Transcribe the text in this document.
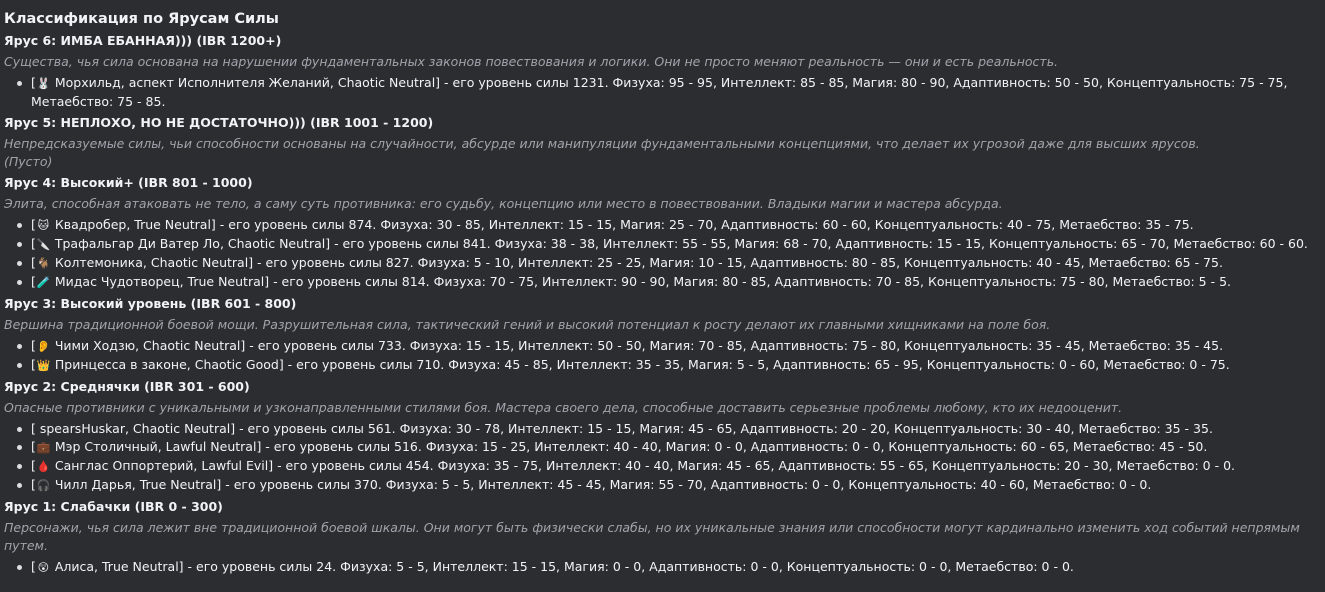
Классификация по Ярусам Силы
Ярус 6: ИМБА ЕБАННАЯ))) (IBR 1200+)
Существа, чья сила основана на нарушении фундаментальных законов повествования и логики. Они не просто меняют реальность — они и есть реальность.
[🐰 Морхильд, аспект Исполнителя Желаний, Chaotic Neutral] - его уровень силы 1231. Физуха: 95 - 95, Интеллект: 85 - 85, Магия: 80 - 90, Адаптивность: 50 - 50, Концептуальность: 75 - 75, Метаебство: 75 - 85.
Ярус 5: НЕПЛОХО, НО НЕ ДОСТАТОЧНО))) (IBR 1001 - 1200)
Непредсказуемые силы, чьи способности основаны на случайности, абсурде или манипуляции фундаментальными концепциями, что делает их угрозой даже для высших ярусов.
(Пусто)
Ярус 4: Высокий+ (IBR 801 - 1000)
Элита, способная атаковать не тело, а саму суть противника: его судьбу, концепцию или место в повествовании. Владыки магии и мастера абсурда.
[ 🐱 Квадробер, True Neutral] - его уровень силы 874. Физуха: 30 - 85, Интеллект: 15 - 15, Магия: 25 - 70, Адаптивность: 60 - 60, Концептуальность: 40 - 75, Метаебство: 35 - 75.
[🔪 Трафальгар Ди Ватер Ло, Chaotic Neutral] - его уровень силы 841. Физуха: 38 - 38, Интеллект: 55 - 55, Магия: 68 - 70, Адаптивность: 15 - 15, Концептуальность: 65 - 70, Метаебство: 60 - 60.
[🐐 Колтемоника, Chaotic Neutral] - его уровень силы 827. Физуха: 5 - 10, Интеллект: 25 - 25, Магия: 10 - 15, Адаптивность: 80 - 85, Концептуальность: 40 - 45, Метаебство: 65 - 75.
[🧪 Мидас Чудотворец, True Neutral] - его уровень силы 814. Физуха: 70 - 75, Интеллект: 90 - 90, Магия: 80 - 85, Адаптивность: 70 - 85, Концептуальность: 75 - 80, Метаебство: 5 - 5.
Ярус 3: Высокий уровень (IBR 601 - 800)
Вершина традиционной боевой мощи. Разрушительная сила, тактический гений и высокий потенциал к росту делают их главными хищниками на поле боя.
[👂 Чими Ходзю, Chaotic Neutral] - его уровень силы 733. Физуха: 15 - 15, Интеллект: 50 - 50, Магия: 70 - 85, Адаптивность: 75 - 80, Концептуальность: 35 - 45, Метаебство: 35 - 45.
[👑 Принцесса в законе, Chaotic Good] - его уровень силы 710. Физуха: 45 - 85, Интеллект: 35 - 35, Магия: 5 - 5, Адаптивность: 65 - 95, Концептуальность: 0 - 60, Метаебство: 0 - 75.
Ярус 2: Среднячки (IBR 301 - 600)
Опасные противники с уникальными и узконаправленными стилями боя. Мастера своего дела, способные доставить серьезные проблемы любому, кто их недооценит.
[ spearsHuskar, Chaotic Neutral] - его уровень силы 561. Физуха: 30 - 78, Интеллект: 15 - 15, Магия: 45 - 65, Адаптивность: 20 - 20, Концептуальность: 30 - 40, Метаебство: 35 - 35.
[💼 Мэр Столичный, Lawful Neutral] - его уровень силы 516. Физуха: 15 - 25, Интеллект: 40 - 40, Магия: 0 - 0, Адаптивность: 0 - 0, Концептуальность: 60 - 65, Метаебство: 45 - 50.
[🩸 Санглас Оппортерий, Lawful Evil] - его уровень силы 454. Физуха: 35 - 75, Интеллект: 40 - 40, Магия: 45 - 65, Адаптивность: 55 - 65, Концептуальность: 20 - 30, Метаебство: 0 - 0.
[🎧 Чилл Дарья, True Neutral] - его уровень силы 370. Физуха: 5 - 5, Интеллект: 45 - 45, Магия: 55 - 70, Адаптивность: 0 - 0, Концептуальность: 40 - 60, Метаебство: 0 - 0.
Ярус 1: Слабачки (IBR 0 - 300)
Персонажи, чья сила лежит вне традиционной боевой шкалы. Они могут быть физически слабы, но их уникальные знания или способности могут кардинально изменить ход событий непрямым путем.
[ 😲 Алиса, True Neutral] - его уровень силы 24. Физуха: 5 - 5, Интеллект: 15 - 15, Магия: 0 - 0, Адаптивность: 0 - 0, Концептуальность: 0 - 0, Метаебство: 0 - 0.
